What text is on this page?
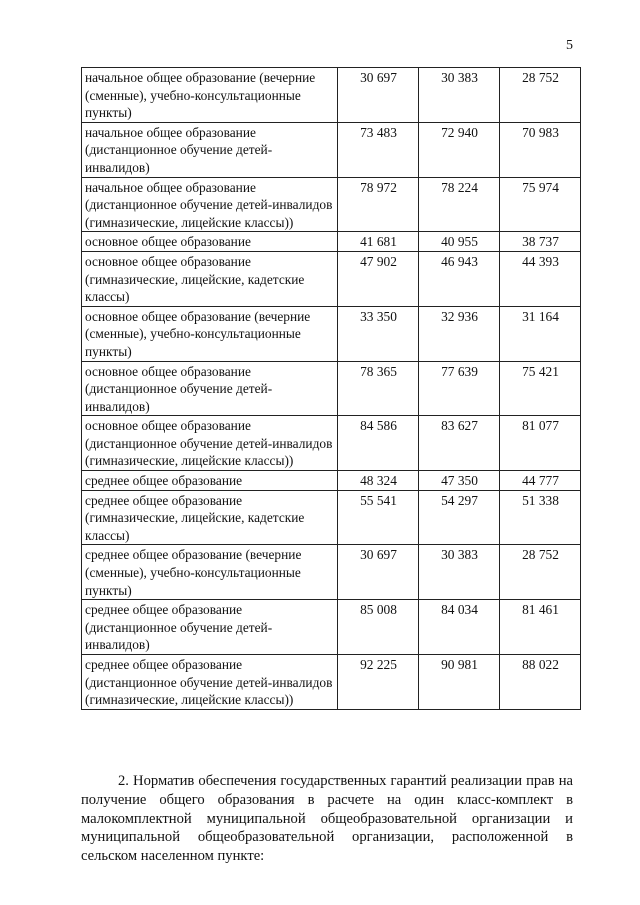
5
начальное общее образование (вечерние (сменные), учебно-консультационные пункты)	30 697	30 383	28 752
начальное общее образование (дистанционное обучение детей-инвалидов)	73 483	72 940	70 983
начальное общее образование (дистанционное обучение детей-инвалидов (гимназические, лицейские классы))	78 972	78 224	75 974
основное общее образование	41 681	40 955	38 737
основное общее образование (гимназические, лицейские, кадетские классы)	47 902	46 943	44 393
основное общее образование (вечерние (сменные), учебно-консультационные пункты)	33 350	32 936	31 164
основное общее образование (дистанционное обучение детей-инвалидов)	78 365	77 639	75 421
основное общее образование (дистанционное обучение детей-инвалидов (гимназические, лицейские классы))	84 586	83 627	81 077
среднее общее образование	48 324	47 350	44 777
среднее общее образование (гимназические, лицейские, кадетские классы)	55 541	54 297	51 338
среднее общее образование (вечерние (сменные), учебно-консультационные пункты)	30 697	30 383	28 752
среднее общее образование (дистанционное обучение детей-инвалидов)	85 008	84 034	81 461
среднее общее образование (дистанционное обучение детей-инвалидов (гимназические, лицейские классы))	92 225	90 981	88 022

2. Норматив обеспечения государственных гарантий реализации прав на получение общего образования в расчете на один класс-комплект в малокомплектной муниципальной общеобразовательной организации и муниципальной общеобразовательной организации, расположенной в сельском населенном пункте:
